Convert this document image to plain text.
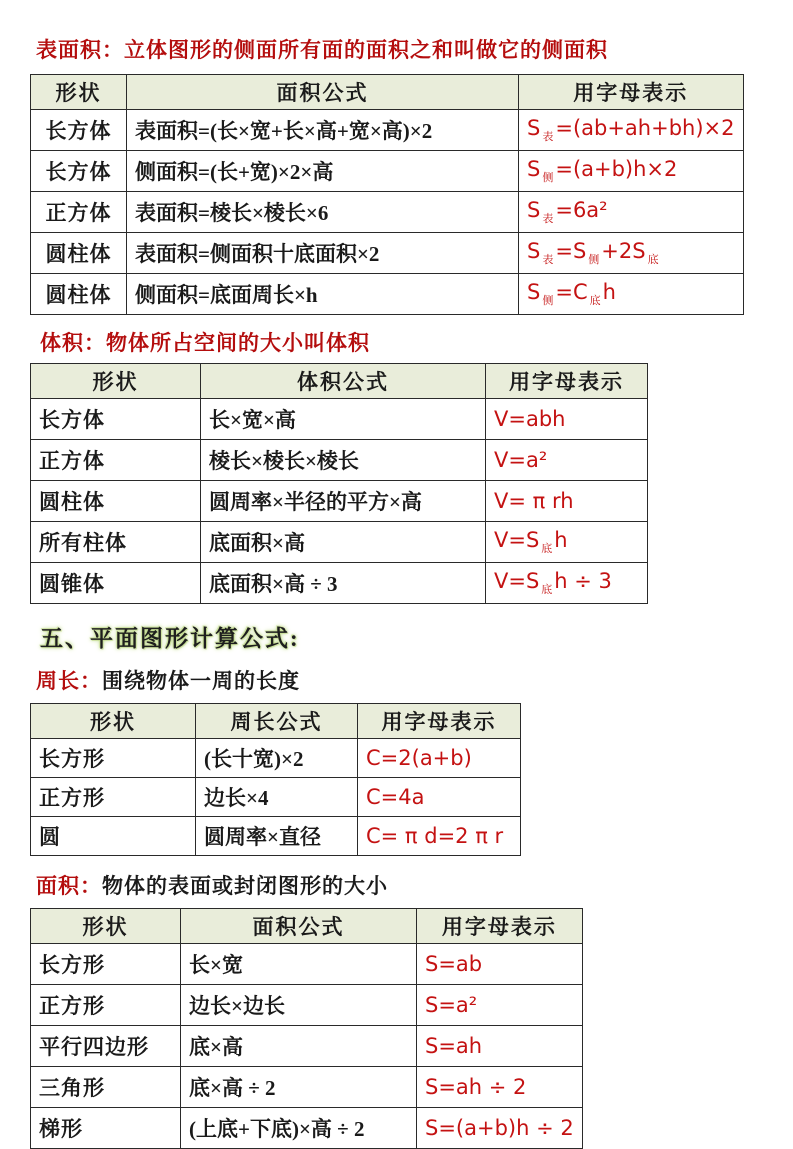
表面积：立体图形的侧面所有面的面积之和叫做它的侧面积
形状	面积公式	用字母表示
长方体	表面积=(长×宽+长×高+宽×高)×2	S $_表$=(ab+ah+bh)×2
长方体	侧面积=(长+宽)×2×高	S $_侧$=(a+b)h×2
正方体	表面积=棱长×棱长×6	S $_表$=6a²
圆柱体	表面积=侧面积十底面积×2	S $_表$=S $_侧$+2S $_底$
圆柱体	侧面积=底面周长×h	S $_侧$=C $_底$h
体积：物体所占空间的大小叫体积
形状	体积公式	用字母表示
长方体	长×宽×高	V=abh
正方体	棱长×棱长×棱长	V=a²
圆柱体	圆周率×半径的平方×高	V= π rh
所有柱体	底面积×高	V=S $_底$h
圆锥体	底面积×高 ÷ 3	V=S $_底$h ÷ 3
五、平面图形计算公式:
周长：围绕物体一周的长度
形状	周长公式	用字母表示
长方形	(长十宽)×2	C=2(a+b)
正方形	边长×4	C=4a
圆	圆周率×直径	C= π d=2 π r
面积：物体的表面或封闭图形的大小
形状	面积公式	用字母表示
长方形	长×宽	S=ab
正方形	边长×边长	S=a²
平行四边形	底×高	S=ah
三角形	底×高 ÷ 2	S=ah ÷ 2
梯形	(上底+下底)×高 ÷ 2	S=(a+b)h ÷ 2
